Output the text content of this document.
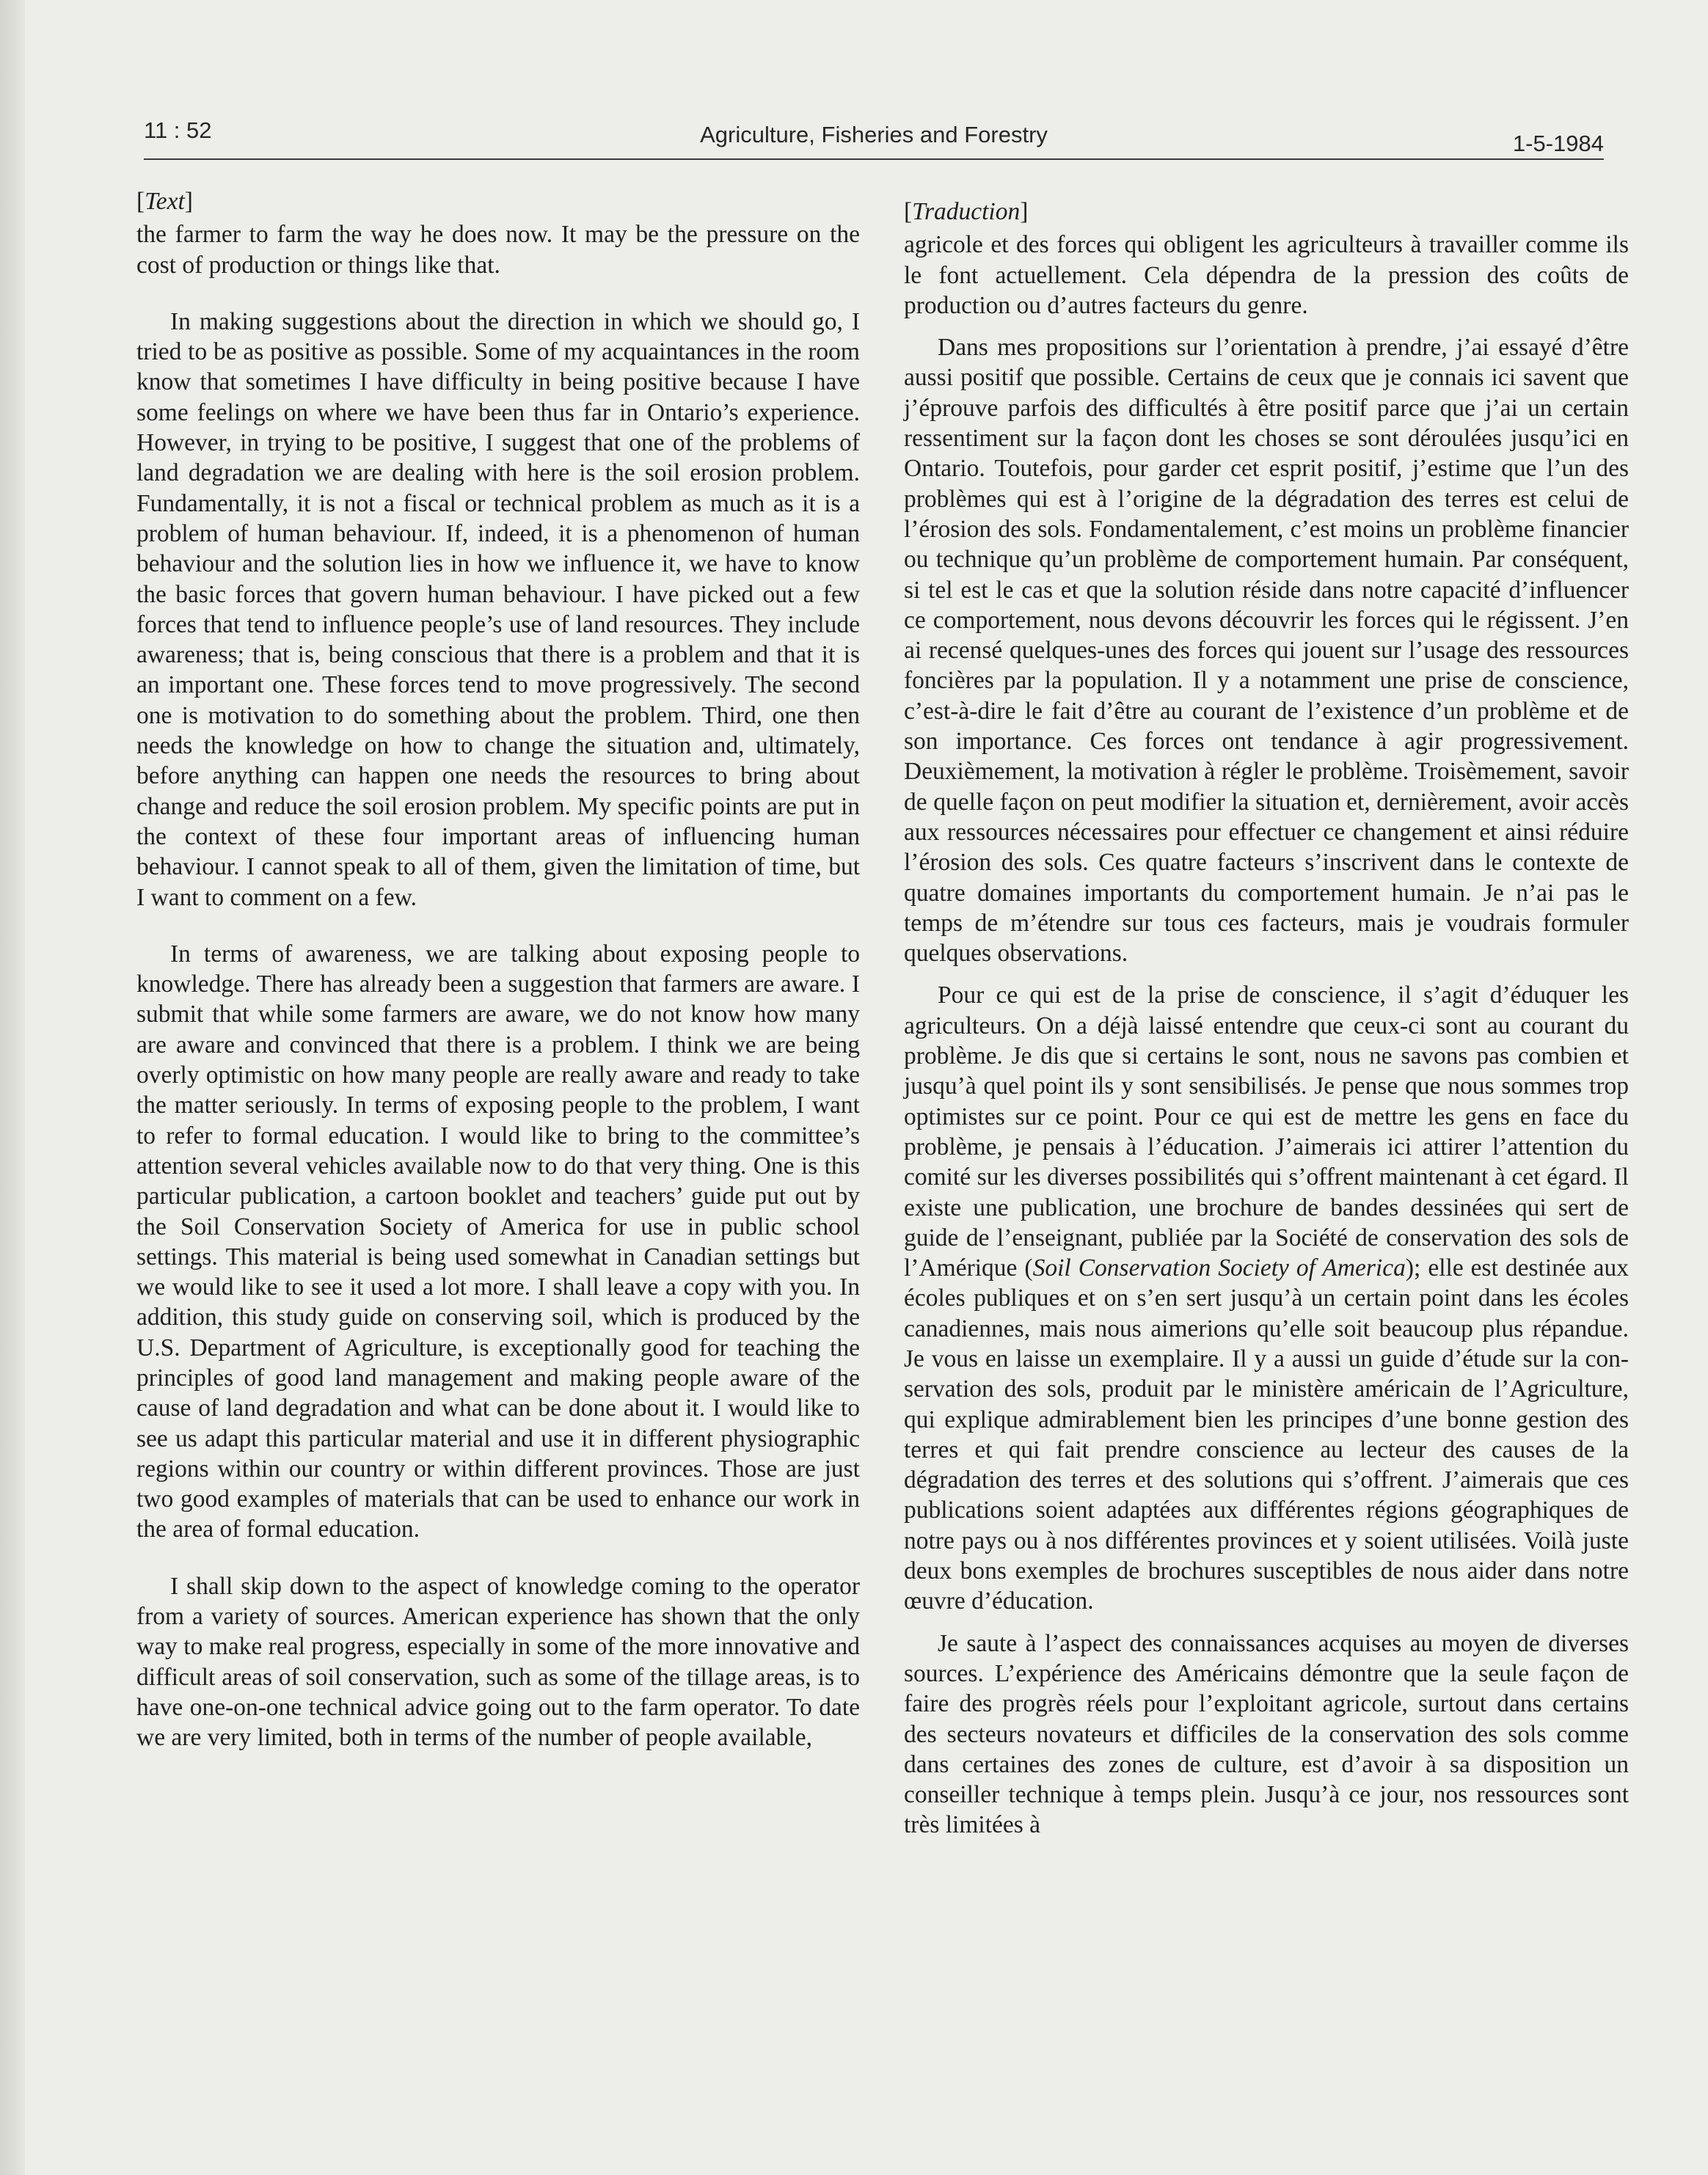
11 : 52	Agriculture, Fisheries and Forestry	1-5-1984
[Text]

the farmer to farm the way he does now. It may be the pressure on the cost of production or things like that.

In making suggestions about the direction in which we should go, I tried to be as positive as possible. Some of my acquaintances in the room know that sometimes I have difficulty in being positive because I have some feelings on where we have been thus far in Ontario’s experience. However, in trying to be positive, I suggest that one of the problems of land degradation we are dealing with here is the soil erosion problem. Fundamentally, it is not a fiscal or technical problem as much as it is a problem of human behaviour. If, indeed, it is a phenomenon of human behaviour and the solution lies in how we influence it, we have to know the basic forces that govern human behaviour. I have picked out a few forces that tend to influence people’s use of land resources. They include awareness; that is, being conscious that there is a problem and that it is an important one. These forces tend to move progressively. The second one is motivation to do something about the problem. Third, one then needs the knowledge on how to change the situation and, ultimately, before anything can happen one needs the resources to bring about change and reduce the soil erosion problem. My specific points are put in the context of these four important areas of influencing human behaviour. I cannot speak to all of them, given the limitation of time, but I want to comment on a few.

In terms of awareness, we are talking about exposing people to knowledge. There has already been a suggestion that farmers are aware. I submit that while some farmers are aware, we do not know how many are aware and convinced that there is a problem. I think we are being overly optimistic on how many people are really aware and ready to take the matter seriously. In terms of exposing people to the problem, I want to refer to formal education. I would like to bring to the committee’s attention several vehicles available now to do that very thing. One is this particular publication, a cartoon booklet and teachers’ guide put out by the Soil Conservation Society of America for use in public school settings. This material is being used somewhat in Canadian settings but we would like to see it used a lot more. I shall leave a copy with you. In addition, this study guide on conserving soil, which is produced by the U.S. Department of Agriculture, is exceptionally good for teaching the principles of good land management and making people aware of the cause of land degradation and what can be done about it. I would like to see us adapt this particular material and use it in different physiographic regions within our country or within different provinces. Those are just two good examples of materials that can be used to enhance our work in the area of formal education.

I shall skip down to the aspect of knowledge coming to the operator from a variety of sources. American experience has shown that the only way to make real progress, especially in some of the more innovative and difficult areas of soil conservation, such as some of the tillage areas, is to have one-on-one technical advice going out to the farm operator. To date we are very limited, both in terms of the number of people available,

[Traduction]

agricole et des forces qui obligent les agriculteurs à travailler comme ils le font actuellement. Cela dépendra de la pression des coûts de production ou d’autres facteurs du genre.

Dans mes propositions sur l’orientation à prendre, j’ai essayé d’être aussi positif que possible. Certains de ceux que je connais ici savent que j’éprouve parfois des difficultés à être positif parce que j’ai un certain ressentiment sur la façon dont les choses se sont déroulées jusqu’ici en Ontario. Toutefois, pour garder cet esprit positif, j’estime que l’un des problèmes qui est à l’origine de la dégradation des terres est celui de l’érosion des sols. Fondamentalement, c’est moins un problème financier ou technique qu’un problème de comportement humain. Par conséquent, si tel est le cas et que la solution réside dans notre capacité d’influencer ce comportement, nous devons découvrir les forces qui le régissent. J’en ai recensé quelques-unes des forces qui jouent sur l’usage des ressources foncières par la population. Il y a notamment une prise de conscience, c’est-à-dire le fait d’être au courant de l’existence d’un problème et de son importance. Ces forces ont tendance à agir progressivement. Deuxièmement, la motivation à régler le problème. Troisèmement, savoir de quelle façon on peut modifier la situation et, dernièrement, avoir accès aux ressources nécessaires pour effectuer ce changement et ainsi réduire l’érosion des sols. Ces quatre facteurs s’inscrivent dans le contexte de quatre domaines importants du comportement humain. Je n’ai pas le temps de m’étendre sur tous ces facteurs, mais je voudrais formuler quelques observations.

Pour ce qui est de la prise de conscience, il s’agit d’éduquer les agriculteurs. On a déjà laissé entendre que ceux-ci sont au courant du problème. Je dis que si certains le sont, nous ne savons pas combien et jusqu’à quel point ils y sont sensibilisés. Je pense que nous sommes trop optimistes sur ce point. Pour ce qui est de mettre les gens en face du problème, je pensais à l’éducation. J’aimerais ici attirer l’attention du comité sur les diverses possibilités qui s’offrent maintenant à cet égard. Il existe une publication, une brochure de bandes dessinées qui sert de guide de l’enseignant, publiée par la Société de conservation des sols de l’Amérique (Soil Conservation Society of America); elle est destinée aux écoles publiques et on s’en sert jusqu’à un certain point dans les écoles canadiennes, mais nous aimerions qu’elle soit beaucoup plus répandue. Je vous en laisse un exemplaire. Il y a aussi un guide d’étude sur la conservation des sols, produit par le ministère américain de l’Agriculture, qui explique admirablement bien les principes d’une bonne gestion des terres et qui fait prendre conscience au lecteur des causes de la dégradation des terres et des solutions qui s’offrent. J’aimerais que ces publications soient adaptées aux différentes régions géographiques de notre pays ou à nos différentes provinces et y soient utilisées. Voilà juste deux bons exemples de brochures susceptibles de nous aider dans notre œuvre d’éducation.

Je saute à l’aspect des connaissances acquises au moyen de diverses sources. L’expérience des Américains démontre que la seule façon de faire des progrès réels pour l’exploitant agricole, surtout dans certains des secteurs novateurs et difficiles de la conservation des sols comme dans certaines des zones de culture, est d’avoir à sa disposition un conseiller technique à temps plein. Jusqu’à ce jour, nos ressources sont très limitées à
